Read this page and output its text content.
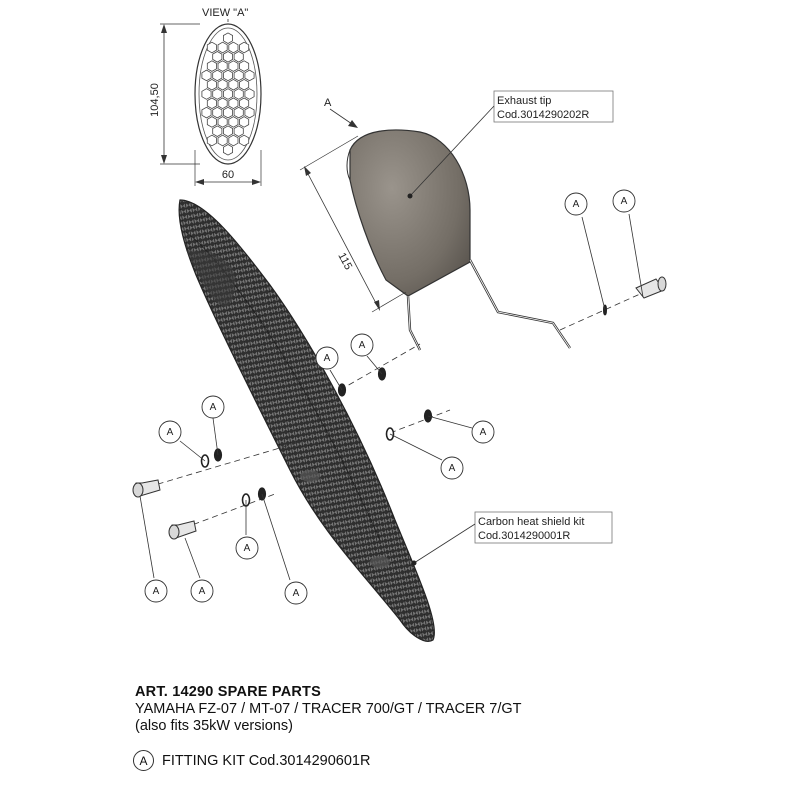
VIEW "A"
104,50
60
A
115
Exhaust tip
Cod.3014290202R
Carbon heat shield kit
Cod.3014290001R
A
A
A
A
A
A
A
A
A	A
A	A
ART. 14290 SPARE PARTS
YAMAHA FZ-07 / MT-07 / TRACER 700/GT / TRACER 7/GT
(also fits 35kW versions)
A	FITTING KIT Cod.3014290601R
